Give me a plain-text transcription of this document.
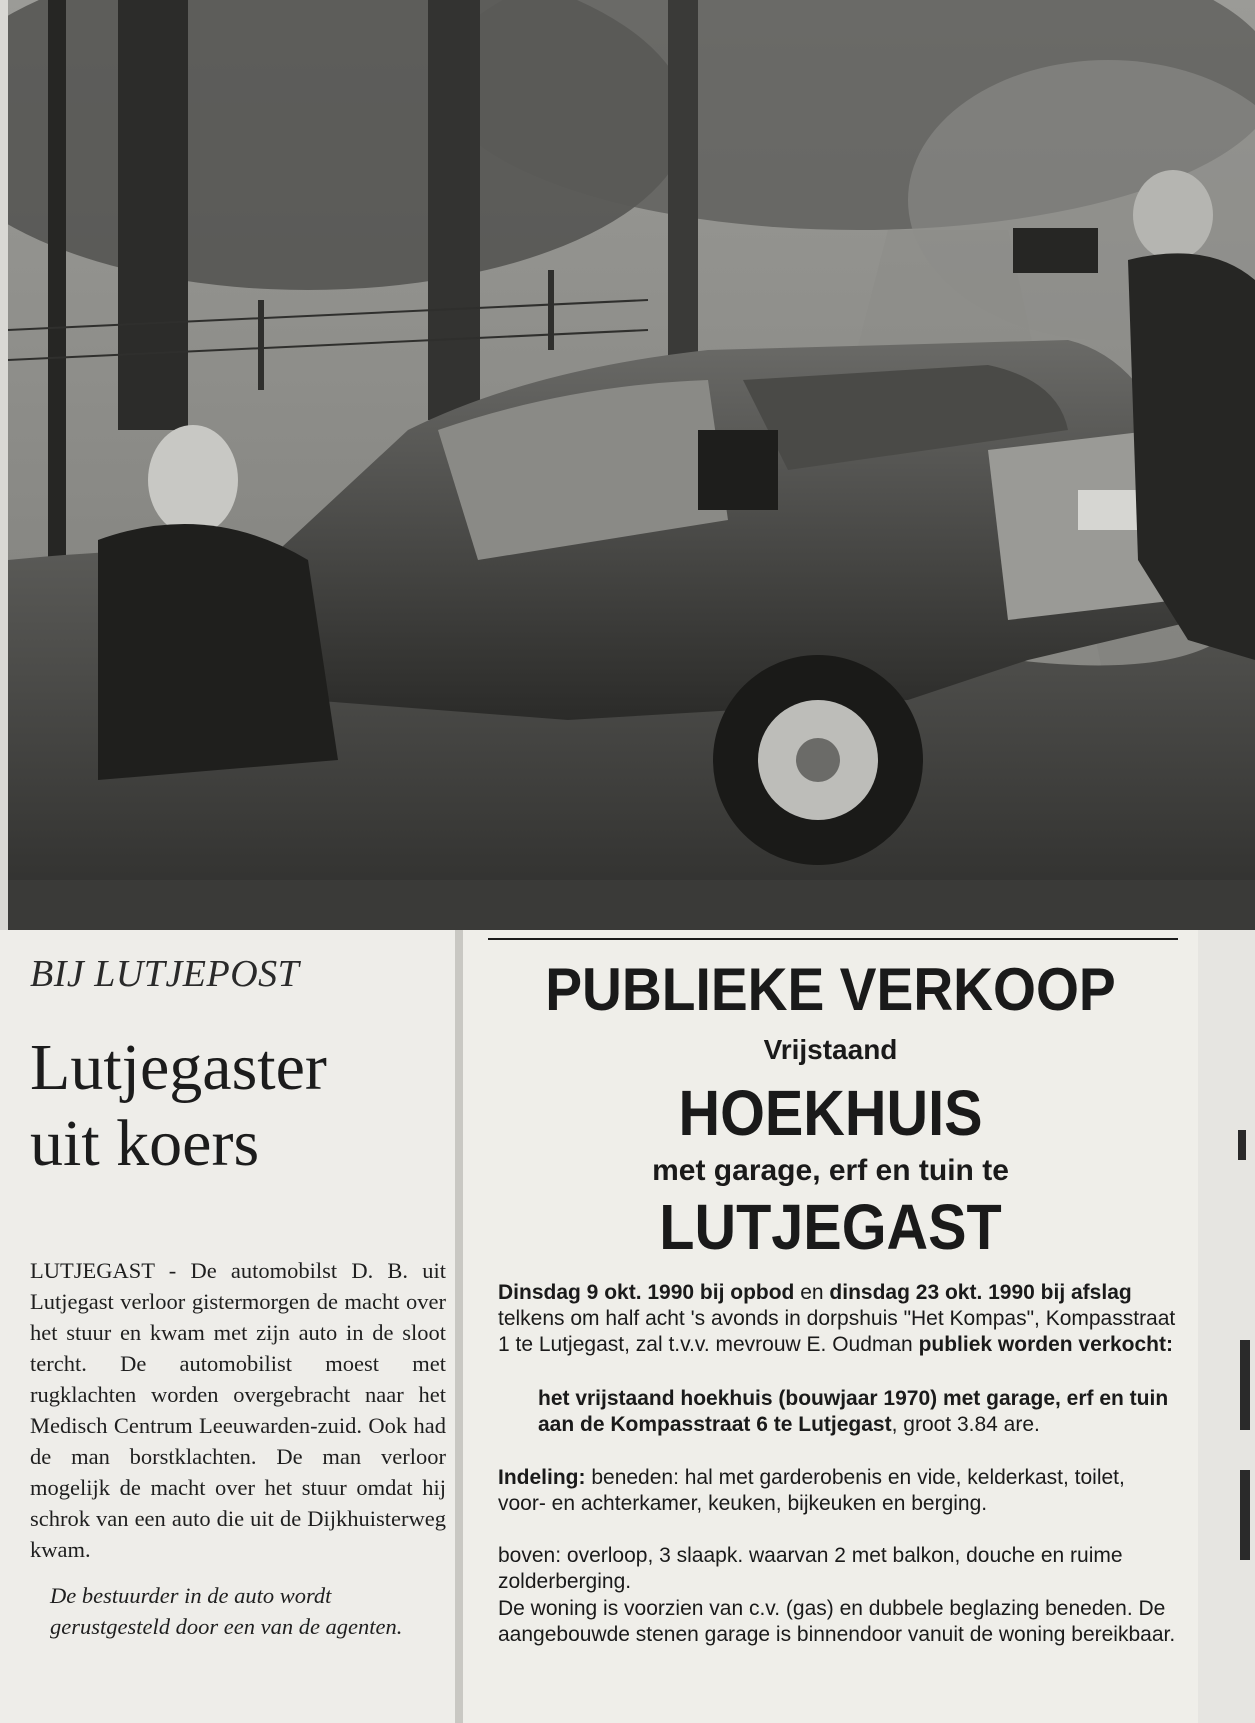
BIJ LUTJEPOST

Lutjegaster
uit koers

LUTJEGAST - De automobilst D. B. uit Lutjegast verloor gistermorgen de macht over het stuur en kwam met zijn auto in de sloot tercht. De automobilist moest met rugklachten worden overgebracht naar het Medisch Centrum Leeuwarden-zuid. Ook had de man borstklachten. De man verloor mogelijk de macht over het stuur omdat hij schrok van een auto die uit de Dijkhuisterweg kwam.

De bestuurder in de auto wordt gerustgesteld door een van de agenten.

PUBLIEKE VERKOOP

Vrijstaand

HOEKHUIS

met garage, erf en tuin te

LUTJEGAST

Dinsdag 9 okt. 1990 bij opbod en dinsdag 23 okt. 1990 bij afslag telkens om half acht 's avonds in dorpshuis "Het Kompas", Kompasstraat 1 te Lutjegast, zal t.v.v. mevrouw E. Oudman publiek worden verkocht:

het vrijstaand hoekhuis (bouwjaar 1970) met garage, erf en tuin aan de Kompasstraat 6 te Lutjegast, groot 3.84 are.

Indeling: beneden: hal met garderobenis en vide, kelderkast, toilet, voor- en achterkamer, keuken, bijkeuken en berging.

boven: overloop, 3 slaapk. waarvan 2 met balkon, douche en ruime zolderberging.

De woning is voorzien van c.v. (gas) en dubbele beglazing beneden. De aangebouwde stenen garage is binnendoor vanuit de woning bereikbaar.
